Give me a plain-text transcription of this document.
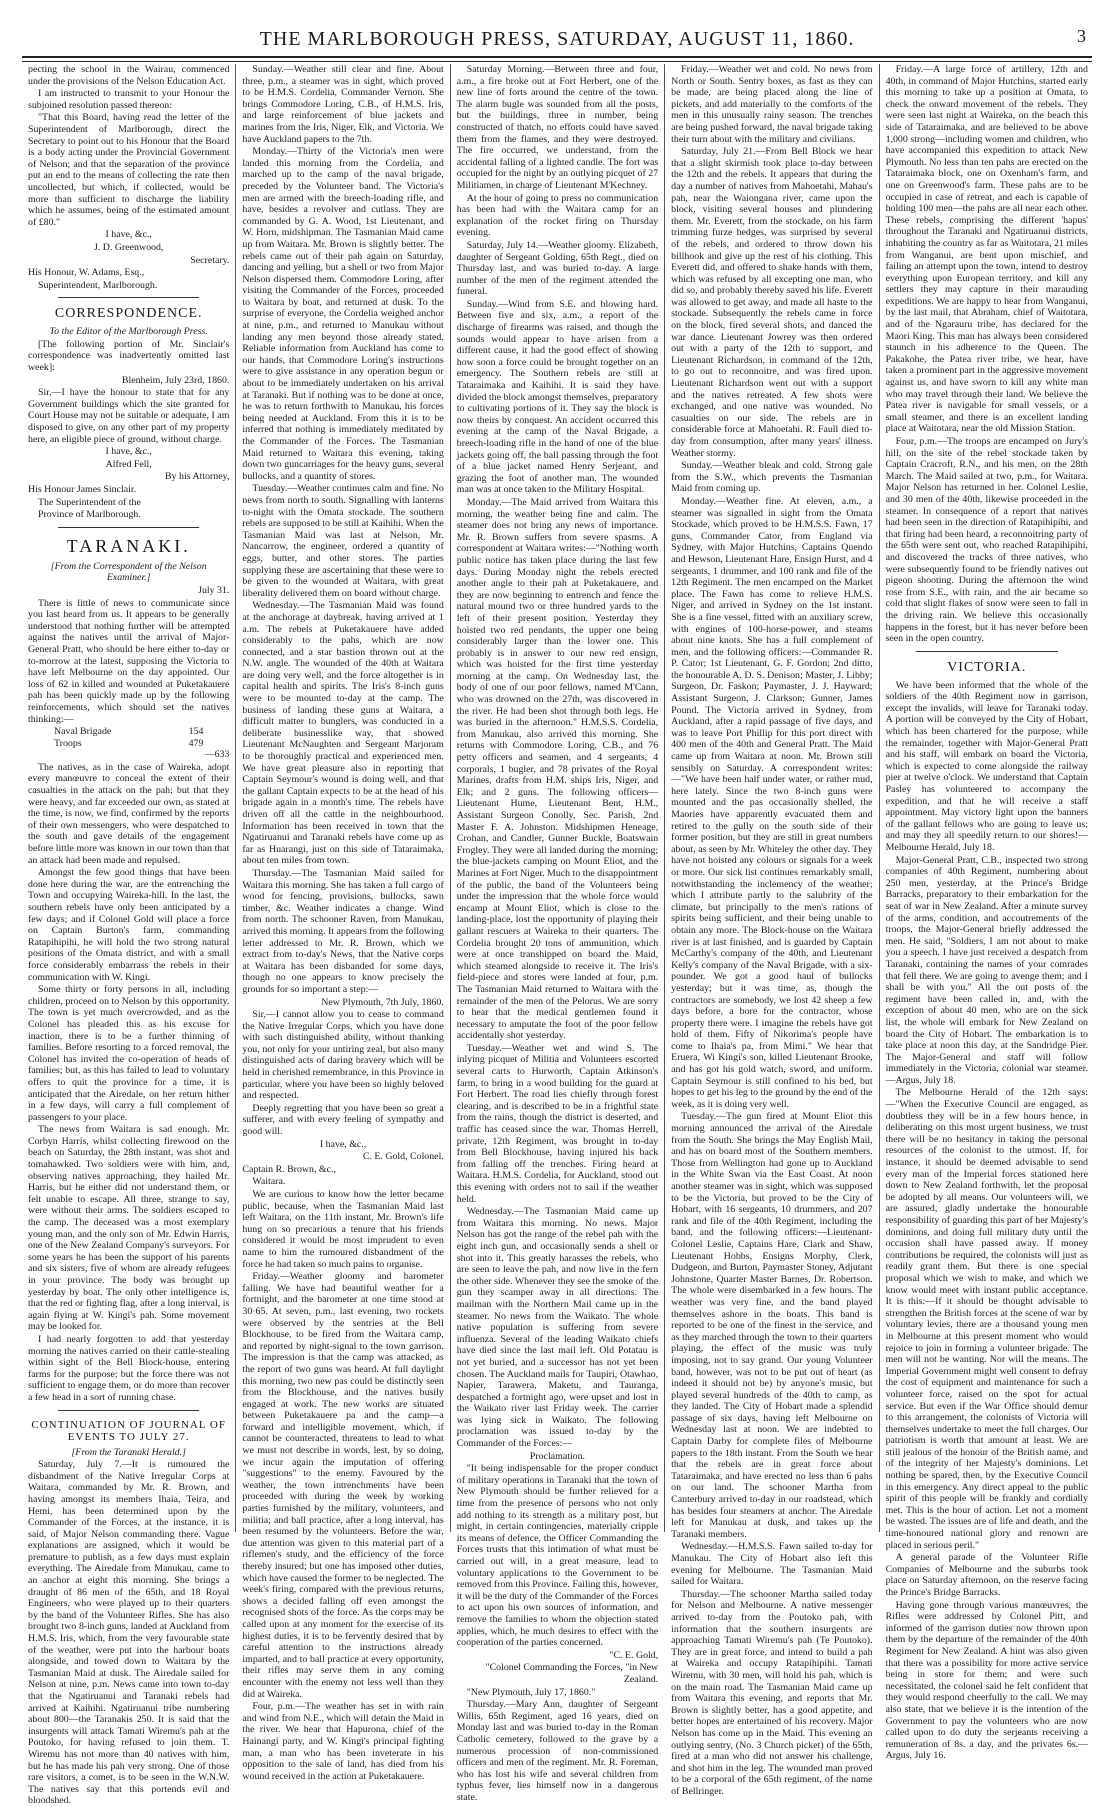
THE MARLBOROUGH PRESS, SATURDAY, AUGUST 11, 1860.	3

pecting the school in the Wairau, commenced under the provisions of the Nelson Education Act.

I am instructed to transmit to your Honour the subjoined resolution passed thereon:

"That this Board, having read the letter of the Superintendent of Marlborough, direct the Secretary to point out to his Honour that the Board is a body acting under the Provincial Government of Nelson; and that the separation of the province put an end to the means of collecting the rate then uncollected, but which, if collected, would be more than sufficient to discharge the liability which he assumes, being of the estimated amount of £80."

I have, &c.,

J. D. Greenwood,

Secretary.

His Honour, W. Adams, Esq.,

Superintendent, Marlborough.

CORRESPONDENCE.

To the Editor of the Marlborough Press.

[The following portion of Mr. Sinclair's correspondence was inadvertently omitted last week]:

Blenheim, July 23rd, 1860.

Sir,—I have the honour to state that for any Government buildings which the site granted for Court House may not be suitable or adequate, I am disposed to give, on any other part of my property here, an eligible piece of ground, without charge.

I have, &c.,

Alfred Fell,

By his Attorney,

His Honour James Sinclair.

The Superintendent of the

Province of Marlborough.

TARANAKI.

[From the Correspondent of the Nelson Examiner.]

July 31.

There is little of news to communicate since you last heard from us. It appears to be generally understood that nothing further will be attempted against the natives until the arrival of Major-General Pratt, who should be here either to-day or to-morrow at the latest, supposing the Victoria to have left Melbourne on the day appointed. Our loss of 62 in killed and wounded at Puketakauere pah has been quickly made up by the following reinforcements, which should set the natives thinking:—

Naval Brigade	154
Troops	479

—633

The natives, as in the case of Waireka, adopt every manœuvre to conceal the extent of their casualties in the attack on the pah; but that they were heavy, and far exceeded our own, as stated at the time, is now, we find, confirmed by the reports of their own messengers, who were despatched to the south and gave details of the engagement before little more was known in our town than that an attack had been made and repulsed.

Amongst the few good things that have been done here during the war, are the entrenching the Town and occupying Waireka-hill. In the last, the southern rebels have only been anticipated by a few days; and if Colonel Gold will place a force on Captain Burton's farm, commanding Ratapihipihi, he will hold the two strong natural positions of the Omata district, and with a small force considerably embarrass the rebels in their communication with W. Kingi.

Some thirty or forty persons in all, including children, proceed on to Nelson by this opportunity. The town is yet much overcrowded, and as the Colonel has pleaded this as his excuse for inaction, there is to be a further thinning of families. Before resorting to a forced removal, the Colonel has invited the co-operation of heads of families; but, as this has failed to lead to voluntary offers to quit the province for a time, it is anticipated that the Airedale, on her return hither in a few days, will carry a full complement of passengers to your place.

The news from Waitara is sad enough. Mr. Corbyn Harris, whilst collecting firewood on the beach on Saturday, the 28th instant, was shot and tomahawked. Two soldiers were with him, and, observing natives approaching, they hailed Mr. Harris, but he either did not understand them, or felt unable to escape. All three, strange to say, were without their arms. The soldiers escaped to the camp. The deceased was a most exemplary young man, and the only son of Mr. Edwin Harris, one of the New Zealand Company's surveyors. For some years he has been the support of his parents and six sisters, five of whom are already refugees in your province. The body was brought up yesterday by boat. The only other intelligence is, that the red or fighting flag, after a long interval, is again flying at W. Kingi's pah. Some movement may be looked for.

I had nearly forgotten to add that yesterday morning the natives carried on their cattle-stealing within sight of the Bell Block-house, entering farms for the purpose; but the force there was not sufficient to engage them, or do more than recover a few head in a sort of running chase.

CONTINUATION OF JOURNAL OF EVENTS TO JULY 27.

[From the Taranaki Herald.]

Saturday, July 7.—It is rumoured the disbandment of the Native Irregular Corps at Waitara, commanded by Mr. R. Brown, and having amongst its members Ihaia, Teira, and Hemi, has been determined upon by the Commander of the Forces, at the instance, it is said, of Major Nelson commanding there. Vague explanations are assigned, which it would be premature to publish, as a few days must explain everything. The Airedale from Manukau, came to an anchor at eight this morning. She brings a draught of 86 men of the 65th, and 18 Royal Engineers, who were played up to their quarters by the band of the Volunteer Rifles. She has also brought two 8-inch guns, landed at Auckland from H.M.S. Iris, which, from the very favourable state of the weather, were put into the harbour boats alongside, and towed down to Waitara by the Tasmanian Maid at dusk. The Airedale sailed for Nelson at nine, p.m. News came into town to-day that the Ngatiruanui and Taranaki rebels had arrived at Kaihihi. Ngatiruanui tribe numbering about 800—the Taranakis 250. It is said that the insurgents will attack Tamati Wiremu's pah at the Poutoko, for having refused to join them. T. Wiremu has not more than 40 natives with him, but he has made his pah very strong. One of those rare visitors, a comet, is to be seen in the W.N.W. The natives say that this portends evil and bloodshed.

Sunday.—Weather still clear and fine. About three, p.m., a steamer was in sight, which proved to be H.M.S. Cordelia, Commander Vernon. She brings Commodore Loring, C.B., of H.M.S. Iris, and large reinforcement of blue jackets and marines from the Iris, Niger, Elk, and Victoria. We have Auckland papers to the 7th.

Monday.—Thirty of the Victoria's men were landed this morning from the Cordelia, and marched up to the camp of the naval brigade, preceded by the Volunteer band. The Victoria's men are armed with the breech-loading rifle, and have, besides a revolver and cutlass. They are commanded by G. A. Wood, 1st Lieutenant, and W. Horn, midshipman. The Tasmanian Maid came up from Waitara. Mr. Brown is slightly better. The rebels came out of their pah again on Saturday, dancing and yelling, but a shell or two from Major Nelson dispersed them. Commodore Loring, after visiting the Commander of the Forces, proceeded to Waitara by boat, and returned at dusk. To the surprise of everyone, the Cordelia weighed anchor at nine, p.m., and returned to Manukau without landing any men beyond those already stated. Reliable information from Auckland has come to our hands, that Commodore Loring's instructions were to give assistance in any operation begun or about to be immediately undertaken on his arrival at Taranaki. But if nothing was to be done at once, he was to return forthwith to Manukau, his forces being needed at Auckland. From this it is to be inferred that nothing is immediately meditated by the Commander of the Forces. The Tasmanian Maid returned to Waitara this evening, taking down two guncarriages for the heavy guns, several bullocks, and a quantity of stores.

Tuesday.—Weather continues calm and fine. No news from north to south. Signalling with lanterns to-night with the Omata stockade. The southern rebels are supposed to be still at Kaihihi. When the Tasmanian Maid was last at Nelson, Mr. Nancarrow, the engineer, ordered a quantity of eggs, butter, and other stores. The parties supplying these are ascertaining that these were to be given to the wounded at Waitara, with great liberality delivered them on board without charge.

Wednesday.—The Tasmanian Maid was found at the anchorage at daybreak, having arrived at 1 a.m. The rebels at Puketakauere have added considerably to the pahs, which are now connected, and a star bastion thrown out at the N.W. angle. The wounded of the 40th at Waitara are doing very well, and the force altogether is in capital health and spirits. The Iris's 8-inch guns were to be mounted to-day at the camp. The business of landing these guns at Waitara, a difficult matter to bunglers, was conducted in a deliberate businesslike way, that showed Lieutenant McNaughten and Sergeant Marjoram to be thoroughly practical and experienced men. We have great pleasure also in reporting that Captain Seymour's wound is doing well, and that the gallant Captain expects to be at the head of his brigade again in a month's time. The rebels have driven off all the cattle in the neighbourhood. Information has been received in town that the Ngatiruanui and Taranaki rebels have come up as far as Huarangi, just on this side of Tataraimaka, about ten miles from town.

Thursday.—The Tasmanian Maid sailed for Waitara this morning. She has taken a full cargo of wood for fencing, provisions, bullocks, sawn timber, &c. Weather indicates a change. Wind from north. The schooner Raven, from Manukau, arrived this morning. It appears from the following letter addressed to Mr. R. Brown, which we extract from to-day's News, that the Native corps at Waitara has been disbanded for some days, though no one appears to know precisely the grounds for so important a step:—

New Plymouth, 7th July, 1860.

Sir,—I cannot allow you to cease to command the Native Irregular Corps, which you have done with such distinguished ability, without thanking you, not only for your untiring zeal, but also many distinguished acts of daring bravery which will be held in cherished remembrance, in this Province in particular, where you have been so highly beloved and respected.

Deeply regretting that you have been so great a sufferer, and with every feeling of sympathy and good will.

I have, &c.,

C. E. Gold, Colonel.

Captain R. Brown, &c.,

Waitara.

We are curious to know how the letter became public, because, when the Tasmanian Maid last left Waitara, on the 11th instant, Mr. Brown's life hung on so precarious a tenure that his friends considered it would be most imprudent to even name to him the rumoured disbandment of the force he had taken so much pains to organise.

Friday.—Weather gloomy and barometer falling. We have had beautiful weather for a fortnight, and the barometer at one time stood at 30·65. At seven, p.m., last evening, two rockets were observed by the sentries at the Bell Blockhouse, to be fired from the Waitara camp, and reported by night-signal to the town garrison. The impression is that the camp was attacked, as the report of two guns was heard. At full daylight this morning, two new pas could be distinctly seen from the Blockhouse, and the natives busily engaged at work. The new works are situated between Puketakauere pa and the camp—a forward and intelligible movement, which, if cannot be counteracted, threatens to lead to what we must not describe in words, lest, by so doing, we incur again the imputation of offering "suggestions" to the enemy. Favoured by the weather, the town intrenchments have been proceeded with during the week by working parties furnished by the military, volunteers, and militia; and ball practice, after a long interval, has been resumed by the volunteers. Before the war, due attention was given to this material part of a riflemen's study, and the efficiency of the force thereby insured; but one has imposed other duties, which have caused the former to be neglected. The week's firing, compared with the previous returns, shows a decided falling off even amongst the recognised shots of the force. As the corps may be called upon at any moment for the exercise of its highest duties, it is to be fervently desired that by careful attention to the instructions already imparted, and to ball practice at every opportunity, their rifles may serve them in any coming encounter with the enemy not less well than they did at Waireka.

Four, p.m.—The weather has set in with rain and wind from N.E., which will detain the Maid in the river. We hear that Hapurona, chief of the Hainangi party, and W. Kingi's principal fighting man, a man who has been inveterate in his opposition to the sale of land, has died from his wound received in the action at Puketakauere.

Saturday Morning.—Between three and four, a.m., a fire broke out at Fort Herbert, one of the new line of forts around the centre of the town. The alarm bugle was sounded from all the posts, but the buildings, three in number, being constructed of thatch, no efforts could have saved them from the flames, and they were destroyed. The fire occurred, we understand, from the accidental falling of a lighted candle. The fort was occupied for the night by an outlying picquet of 27 Militiamen, in charge of Lieutenant M'Kechney.

At the hour of going to press no communication has been had with the Waitara camp for an explanation of the rocket firing on Thursday evening.

Saturday, July 14.—Weather gloomy. Elizabeth, daughter of Sergeant Golding, 65th Regt., died on Thursday last, and was buried to-day. A large number of the men of the regiment attended the funeral.

Sunday.—Wind from S.E. and blowing hard. Between five and six, a.m., a report of the discharge of firearms was raised, and though the sounds would appear to have arisen from a different cause, it had the good effect of showing how soon a force could be brought together on an emergency. The Southern rebels are still at Tataraimaka and Kaihihi. It is said they have divided the block amongst themselves, preparatory to cultivating portions of it. They say the block is now theirs by conquest. An accident occurred this evening at the camp of the Naval Brigade, a breech-loading rifle in the hand of one of the blue jackets going off, the ball passing through the foot of a blue jacket named Henry Serjeant, and grazing the foot of another man. The wounded man was at once taken to the Military Hospital.

Monday.—The Maid arrived from Waitara this morning, the weather being fine and calm. The steamer does not bring any news of importance. Mr. R. Brown suffers from severe spasms. A correspondent at Waitara writes:—"Nothing worth public notice has taken place during the last few days. During Monday night the rebels erected another angle to their pah at Puketakauere, and they are now beginning to entrench and fence the natural mound two or three hundred yards to the left of their present position. Yesterday they hoisted two red pendants, the upper one being considerably larger than the lower one. This probably is in answer to our new red ensign, which was hoisted for the first time yesterday morning at the camp. On Wednesday last, the body of one of our poor fellows, named M'Cann, who was drowned on the 27th, was discovered in the river. He had been shot through both legs. He was buried in the afternoon." H.M.S.S. Cordelia, from Manukau, also arrived this morning. She returns with Commodore Loring, C.B., and 76 petty officers and seamen, and 4 sergeants, 4 corporals, 1 bugler, and 78 privates of the Royal Marines, drafts from H.M. ships Iris, Niger, and Elk; and 2 guns. The following officers—Lieutenant Hume, Lieutenant Bent, H.M., Assistant Surgeon Conolly, Sec. Parish, 2nd Master F. A. Johnston. Midshipmen Heneage, Crohan, and Candler, Gunner Buckle, Boatswain Frogley. They were all landed during the morning; the blue-jackets camping on Mount Eliot, and the Marines at Fort Niger. Much to the disappointment of the public, the band of the Volunteers being under the impression that the whole force would encamp at Mount Eliot, which is close to the landing-place, lost the opportunity of playing their gallant rescuers at Waireka to their quarters. The Cordelia brought 20 tons of ammunition, which were at once transhipped on board the Maid, which steamed alongside to receive it. The Iris's field-piece and stores were landed at four, p.m. The Tasmanian Maid returned to Waitara with the remainder of the men of the Pelorus. We are sorry to hear that the medical gentlemen found it necessary to amputate the foot of the poor fellow accidentally shot yesterday.

Tuesday.—Weather wet and wind S. The inlying picquet of Militia and Volunteers escorted several carts to Hurworth, Captain Atkinson's farm, to bring in a wood building for the guard at Fort Herbert. The road lies chiefly through forest clearing, and is described to be in a frightful state from the rains, though the district is deserted, and traffic has ceased since the war. Thomas Herrell, private, 12th Regiment, was brought in to-day from Bell Blockhouse, having injured his back from falling off the trenches. Firing heard at Waitara. H.M.S. Cordelia, for Auckland, stood out this evening with orders not to sail if the weather held.

Wednesday.—The Tasmanian Maid came up from Waitara this morning. No news. Major Nelson has got the range of the rebel pah with the eight inch gun, and occasionally sends a shell or shot into it. This greatly harasses the rebels, who are seen to leave the pah, and now live in the fern the other side. Whenever they see the smoke of the gun they scamper away in all directions. The mailman with the Northern Mail came up in the steamer. No news from the Waikato. The whole native population is suffering from severe influenza. Several of the leading Waikato chiefs have died since the last mail left. Old Potatau is not yet buried, and a successor has not yet been chosen. The Auckland mails for Taupiri, Otawhao, Napier, Tarawera, Maketu, and Tauranga, despatched a fortnight ago, were upset and lost in the Waikato river last Friday week. The carrier was lying sick in Waikato. The following proclamation was issued to-day by the Commander of the Forces:—

Proclamation.

"It being indispensable for the proper conduct of military operations in Taranaki that the town of New Plymouth should be further relieved for a time from the presence of persons who not only add nothing to its strength as a military post, but might, in certain contingencies, materially cripple its means of defence, the Officer Commanding the Forces trusts that this intimation of what must be carried out will, in a great measure, lead to voluntary applications to the Government to be removed from this Province. Failing this, however, it will be the duty of the Commander of the Forces to act upon his own sources of information, and remove the families to whom the objection stated applies, which, he much desires to effect with the cooperation of the parties concerned.

"C. E. Gold,

"Colonel Commanding the Forces, "in New Zealand.

"New Plymouth, July 17, 1860."

Thursday.—Mary Ann, daughter of Sergeant Willis, 65th Regiment, aged 16 years, died on Monday last and was buried to-day in the Roman Catholic cemetery, followed to the grave by a numerous procession of non-commissioned officers and men of the regiment. Mr. R. Foreman, who has lost his wife and several children from typhus fever, lies himself now in a dangerous state.

Friday.—Weather wet and cold. No news from North or South. Sentry boxes, as fast as they can be made, are being placed along the line of pickets, and add materially to the comforts of the men in this unusually rainy season. The trenches are being pushed forward, the naval brigade taking their turn about with the military and civilians.

Saturday, July 21.—From Bell Block we hear that a slight skirmish took place to-day between the 12th and the rebels. It appears that during the day a number of natives from Mahoetahi, Mahau's pah, near the Waiongana river, came upon the block, visiting several houses and plundering them. Mr. Everett, from the stockade, on his farm trimming furze hedges, was surprised by several of the rebels, and ordered to throw down his billhook and give up the rest of his clothing. This Everett did, and offered to shake hands with them, which was refused by all excepting one man, who did so, and probably thereby saved his life. Everett was allowed to get away, and made all haste to the stockade. Subsequently the rebels came in force on the block, fired several shots, and danced the war dance. Lieutenant Jowrey was then ordered out with a party of the 12th to support, and Lieutenant Richardson, in command of the 12th, to go out to reconnoitre, and was fired upon. Lieutenant Richardson went out with a support and the natives retreated. A few shots were exchanged, and one native was wounded. No casualties on our side. The rebels are in considerable force at Mahoetahi. R. Faull died to-day from consumption, after many years' illness. Weather stormy.

Sunday.—Weather bleak and cold. Strong gale from the S.W., which prevents the Tasmanian Maid from coming up.

Monday.—Weather fine. At eleven, a.m., a steamer was signalled in sight from the Omata Stockade, which proved to be H.M.S.S. Fawn, 17 guns, Commander Cator, from England via Sydney, with Major Hutchins, Captains Quendo and Hewson, Lieutenant Hare, Ensign Hurst, and 4 sergeants, 1 drummer, and 100 rank and file of the 12th Regiment. The men encamped on the Market place. The Fawn has come to relieve H.M.S. Niger, and arrived in Sydney on the 1st instant. She is a fine vessel, fitted with an auxiliary screw, with engines of 100-horse-power, and steams about nine knots. She has a full complement of men, and the following officers:—Commander R. P. Cator; 1st Lieutenant, G. F. Gordon; 2nd ditto, the honourable A. D. S. Denison; Master, J. Libby; Surgeon, Dr. Faskon; Paymaster, J. J. Hayward; Assistant Surgeon, J. Clarkson; Gunner, James Pound. The Victoria arrived in Sydney, from Auckland, after a rapid passage of five days, and was to leave Port Phillip for this port direct with 400 men of the 40th and General Pratt. The Maid came up from Waitara at noon. Mr. Brown still sensibly on Saturday. A correspondent writes:—"We have been half under water, or rather mud, here lately. Since the two 8-inch guns were mounted and the pas occasionally shelled, the Maories have apparently evacuated them and retired to the gully on the south side of their former position, but they are still in great numbers about, as seen by Mr. Whiteley the other day. They have not hoisted any colours or signals for a week or more. Our sick list continues remarkably small, notwithstanding the inclemency of the weather; which I attribute partly to the salubrity of the climate, but principally to the men's rations of spirits being sufficient, and their being unable to obtain any more. The Block-house on the Waitara river is at last finished, and is guarded by Captain McCarthy's company of the 40th, and Lieutenant Kelly's company of the Naval Brigade, with a six-pounder. We got a good haul of bullocks yesterday; but it was time, as, though the contractors are somebody, we lost 42 sheep a few days before, a bore for the contractor, whose property there were. I imagine the rebels have got hold of them. Fifty of Nikorima's people have come to Ihaia's pa, from Mimi." We hear that Eruera, Wi Kingi's son, killed Lieutenant Brooke, and has got his gold watch, sword, and uniform. Captain Seymour is still confined to his bed, but hopes to get his leg to the ground by the end of the week, as it is doing very well.

Tuesday.—The gun fired at Mount Eliot this morning announced the arrival of the Airedale from the South. She brings the May English Mail, and has on board most of the Southern members. Those from Wellington had gone up to Auckland in the White Swan via the East Coast. At noon another steamer was in sight, which was supposed to be the Victoria, but proved to be the City of Hobart, with 16 sergeants, 10 drummers, and 207 rank and file of the 40th Regiment, including the band, and the following officers:—Lieutenant-Colonel Leslie, Captains Hare, Clark and Shaw, Lieutenant Hobbs, Ensigns Morphy, Clerk, Dudgeon, and Burton, Paymaster Stoney, Adjutant Johnstone, Quarter Master Barnes, Dr. Robertson. The whole were disembarked in a few hours. The weather was very fine, and the band played themselves ashore in the boats. This band is reported to be one of the finest in the service, and as they marched through the town to their quarters playing, the effect of the music was truly imposing, not to say grand. Our young Volunteer band, however, was not to be put out of heart (as indeed it should not be) by anyone's music, but played several hundreds of the 40th to camp, as they landed. The City of Hobart made a splendid passage of six days, having left Melbourne on Wednesday last at noon. We are indebted to Captain Darby for complete files of Melbourne papers to the 18th instant. From the South we hear that the rebels are in great force about Tataraimaka, and have erected no less than 6 pahs on our land. The schooner Martha from Canterbury arrived to-day in our roadstead, which has besides four steamers at anchor. The Airedale left for Manukau at dusk, and takes up the Taranaki members.

Wednesday.—H.M.S.S. Fawn sailed to-day for Manukau. The City of Hobart also left this evening for Melbourne. The Tasmanian Maid sailed for Waitara.

Thursday.—The schooner Martha sailed today for Nelson and Melbourne. A native messenger arrived to-day from the Poutoko pah, with information that the southern insurgents are approaching Tamati Wiremu's pah (Te Poutoko). They are in great force, and intend to build a pah at Waireka and occupy Ratapihipihi. Tamati Wiremu, with 30 men, will hold his pah, which is on the main road. The Tasmanian Maid came up from Waitara this evening, and reports that Mr. Brown is slightly better, has a good appetite, and better hopes are entertained of his recovery. Major Nelson has come up in the Maid. This evening an outlying sentry, (No. 3 Church picket) of the 65th, fired at a man who did not answer his challenge, and shot him in the leg. The wounded man proved to be a corporal of the 65th regiment, of the name of Bellringer.

Friday.—A large force of artillery, 12th and 40th, in command of Major Hutchins, started early this morning to take up a position at Omata, to check the onward movement of the rebels. They were seen last night at Waireka, on the beach this side of Tataraimaka, and are believed to be above 1,000 strong—including women and children, who have accompanied this expedition to attack New Plymouth. No less than ten pahs are erected on the Tataraimaka block, one on Oxenham's farm, and one on Greenwood's farm. These pahs are to be occupied in case of retreat, and each is capable of holding 100 men—the pahs are all near each other. These rebels, comprising the different 'hapus' throughout the Taranaki and Ngatiruanui districts, inhabiting the country as far as Waitotara, 21 miles from Wanganui, are bent upon mischief, and failing an attempt upon the town, intend to destroy everything upon European territory, and kill any settlers they may capture in their marauding expeditions. We are happy to hear from Wanganui, by the last mail, that Abraham, chief of Waitotara, and of the Ngarauru tribe, has declared for the Maori King. This man has always been considered staunch in his adherence to the Queen. The Pakakohe, the Patea river tribe, we hear, have taken a prominent part in the aggressive movement against us, and have sworn to kill any white man who may travel through their land. We believe the Patea river is navigable for small vessels, or a small steamer, and there is an excellent landing place at Waitotara, near the old Mission Station.

Four, p.m.—The troops are encamped on Jury's hill, on the site of the rebel stockade taken by Captain Cracroft, R.N., and his men, on the 28th March. The Maid sailed at two, p.m., for Waitara. Major Nelson has returned in her. Colonel Leslie, and 30 men of the 40th, likewise proceeded in the steamer. In consequence of a report that natives had been seen in the direction of Ratapihipihi, and that firing had been heard, a reconnoitring party of the 65th were sent out, who reached Ratapihipihi, and discovered the tracks of three natives, who were subsequently found to be friendly natives out pigeon shooting. During the afternoon the wind rose from S.E., with rain, and the air became so cold that slight flakes of snow were seen to fall in the driving rain. We believe this occasionally happens in the forest, but it has never before been seen in the open country.

VICTORIA.

We have been informed that the whole of the soldiers of the 40th Regiment now in garrison, except the invalids, will leave for Taranaki today. A portion will be conveyed by the City of Hobart, which has been chartered for the purpose, while the remainder, together with Major-General Pratt and his staff, will embark on board the Victoria, which is expected to come alongside the railway pier at twelve o'clock. We understand that Captain Pasley has volunteered to accompany the expedition, and that he will receive a staff appointment. May victory light upon the banners of the gallant fellows who are going to leave us; and may they all speedily return to our shores!—Melbourne Herald, July 18.

Major-General Pratt, C.B., inspected two strong companies of 40th Regiment, numbering about 250 men, yesterday, at the Prince's Bridge Barracks, preparatory to their embarkation for the seat of war in New Zealand. After a minute survey of the arms, condition, and accoutrements of the troops, the Major-General briefly addressed the men. He said, "Soldiers, I am not about to make you a speech. I have just received a despatch from Taranaki, containing the names of your comrades that fell there. We are going to avenge them; and I shall be with you." All the out posts of the regiment have been called in, and, with the exception of about 40 men, who are on the sick list, the whole will embark for New Zealand on board the City of Hobart. The embarkation is to take place at noon this day, at the Sandridge Pier. The Major-General and staff will follow immediately in the Victoria, colonial war steamer.—Argus, July 18.

The Melbourne Herald of the 12th says:—"When the Executive Council are engaged, as doubtless they will be in a few hours hence, in deliberating on this most urgent business, we trust there will be no hesitancy in taking the personal resources of the colonist to the utmost. If, for instance, it should be deemed advisable to send every man of the Imperial forces stationed here down to New Zealand forthwith, let the proposal be adopted by all means. Our volunteers will, we are assured, gladly undertake the honourable responsibility of guarding this part of her Majesty's dominions, and doing full military duty until the occasion shall have passed away. If money contributions be required, the colonists will just as readily grant them. But there is one special proposal which we wish to make, and which we know would meet with instant public acceptance. It is this:—If it should be thought advisable to strengthen the British forces at the scene of war by voluntary levies, there are a thousand young men in Melbourne at this present moment who would rejoice to join in forming a volunteer brigade. The men will not be wanting. Nor will the means. The Imperial Government might well consent to defray the cost of equipment and maintenance for such a volunteer force, raised on the spot for actual service. But even if the War Office should demur to this arrangement, the colonists of Victoria will themselves undertake to meet the full charges. Our patriotism is worth that amount at least. We are still jealous of the honour of the British name, and of the integrity of her Majesty's dominions. Let nothing be spared, then, by the Executive Council in this emergency. Any direct appeal to the public spirit of this people will be frankly and cordially met. This is the hour of action. Let not a moment be wasted. The issues are of life and death, and the time-honoured national glory and renown are placed in serious peril."

A general parade of the Volunteer Rifle Companies of Melbourne and the suburbs took place on Saturday afternoon, on the reserve facing the Prince's Bridge Barracks.

Having gone through various manœuvres, the Rifles were addressed by Colonel Pitt, and informed of the garrison duties now thrown upon them by the departure of the remainder of the 40th Regiment for New Zealand. A hint was also given that there was a possibility for more active service being in store for them; and were such necessitated, the colonel said he felt confident that they would respond cheerfully to the call. We may also state, that we believe it is the intention of the Government to pay the volunteers who are now called upon to do duty the serjeants receiving a remuneration of 8s. a day, and the privates 6s.—Argus, July 16.
